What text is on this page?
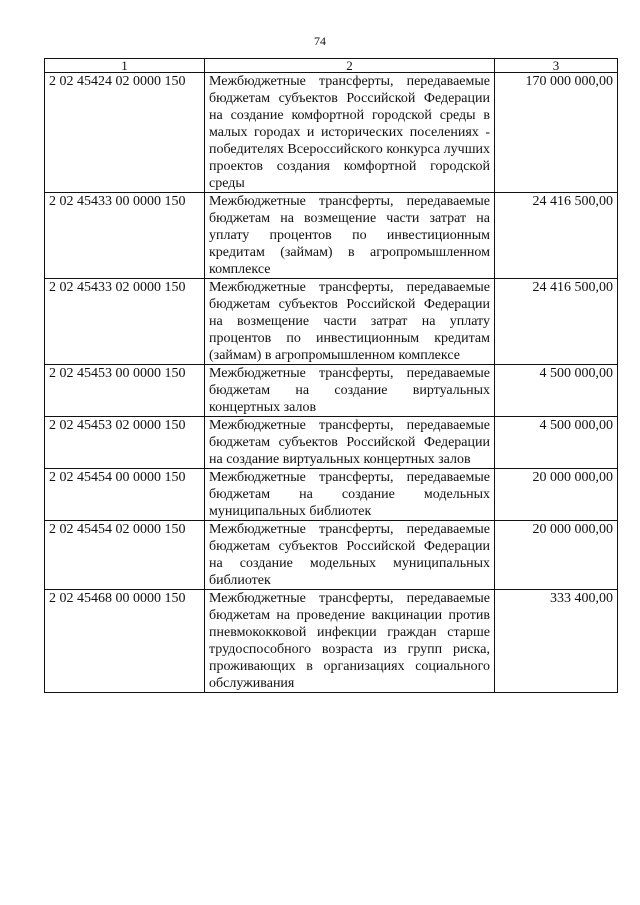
74
1	2	3
2 02 45424 02 0000 150	Межбюджетные трансферты, передаваемые бюджетам субъектов Российской Федерации на создание комфортной городской среды в малых городах и исторических поселениях - победителях Всероссийского конкурса лучших проектов создания комфортной городской среды	170 000 000,00
2 02 45433 00 0000 150	Межбюджетные трансферты, передаваемые бюджетам на возмещение части затрат на уплату процентов по инвестиционным кредитам (займам) в агропромышленном комплексе	24 416 500,00
2 02 45433 02 0000 150	Межбюджетные трансферты, передаваемые бюджетам субъектов Российской Федерации на возмещение части затрат на уплату процентов по инвестиционным кредитам (займам) в агропромышленном комплексе	24 416 500,00
2 02 45453 00 0000 150	Межбюджетные трансферты, передаваемые бюджетам на создание виртуальных концертных залов	4 500 000,00
2 02 45453 02 0000 150	Межбюджетные трансферты, передаваемые бюджетам субъектов Российской Федерации на создание виртуальных концертных залов	4 500 000,00
2 02 45454 00 0000 150	Межбюджетные трансферты, передаваемые бюджетам на создание модельных муниципальных библиотек	20 000 000,00
2 02 45454 02 0000 150	Межбюджетные трансферты, передаваемые бюджетам субъектов Российской Федерации на создание модельных муниципальных библиотек	20 000 000,00
2 02 45468 00 0000 150	Межбюджетные трансферты, передаваемые бюджетам на проведение вакцинации против пневмококковой инфекции граждан старше трудоспособного возраста из групп риска, проживающих в организациях социального обслуживания	333 400,00
